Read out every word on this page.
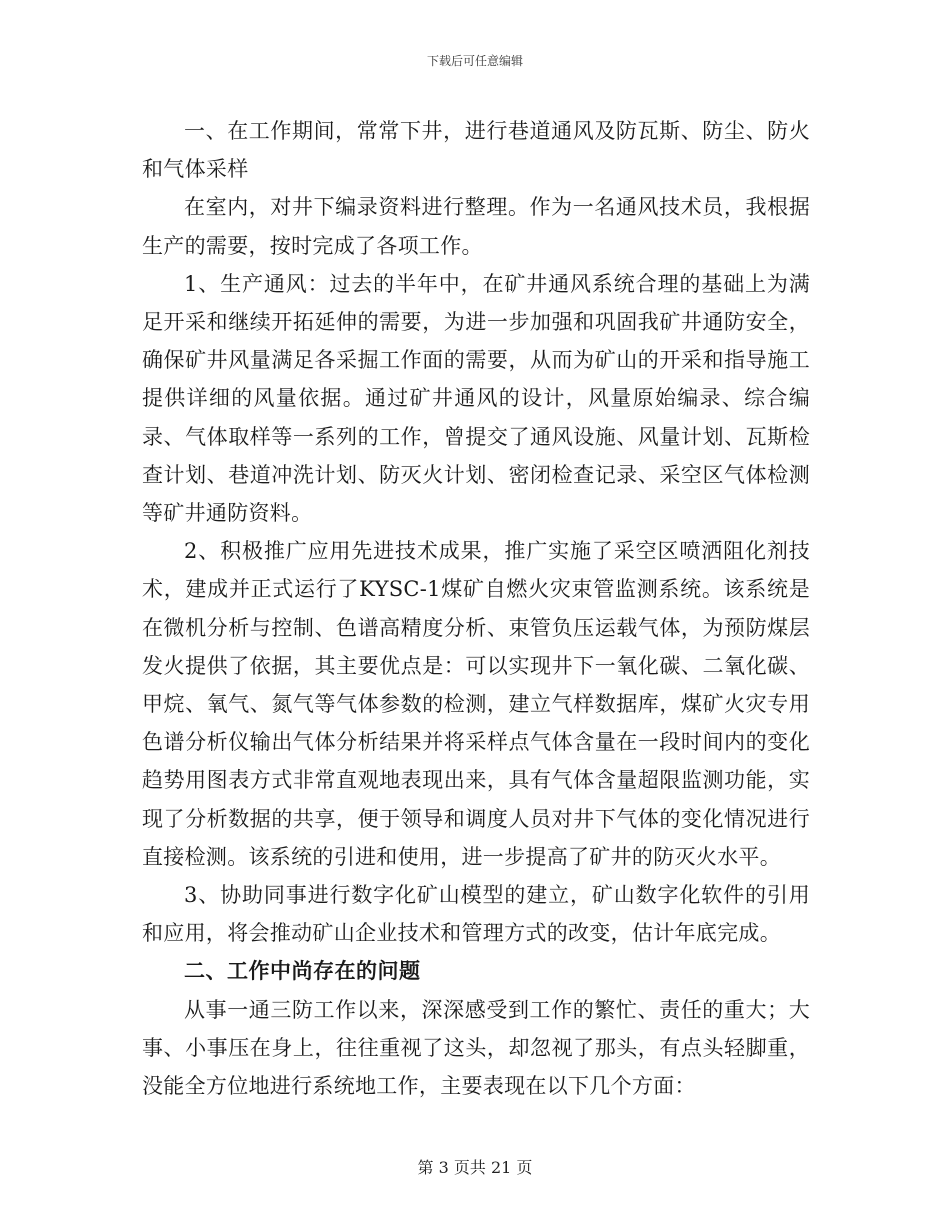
下载后可任意编辑

一、在工作期间，常常下井，进行巷道通风及防瓦斯、防尘、防火和气体采样

在室内，对井下编录资料进行整理。作为一名通风技术员，我根据生产的需要，按时完成了各项工作。

1、生产通风：过去的半年中，在矿井通风系统合理的基础上为满足开采和继续开拓延伸的需要，为进一步加强和巩固我矿井通防安全，确保矿井风量满足各采掘工作面的需要，从而为矿山的开采和指导施工提供详细的风量依据。通过矿井通风的设计，风量原始编录、综合编录、气体取样等一系列的工作，曾提交了通风设施、风量计划、瓦斯检查计划、巷道冲洗计划、防灭火计划、密闭检查记录、采空区气体检测等矿井通防资料。

2、积极推广应用先进技术成果，推广实施了采空区喷洒阻化剂技术，建成并正式运行了KYSC-1煤矿自燃火灾束管监测系统。该系统是在微机分析与控制、色谱高精度分析、束管负压运载气体，为预防煤层发火提供了依据，其主要优点是：可以实现井下一氧化碳、二氧化碳、甲烷、氧气、氮气等气体参数的检测，建立气样数据库，煤矿火灾专用色谱分析仪输出气体分析结果并将采样点气体含量在一段时间内的变化趋势用图表方式非常直观地表现出来，具有气体含量超限监测功能，实现了分析数据的共享，便于领导和调度人员对井下气体的变化情况进行直接检测。该系统的引进和使用，进一步提高了矿井的防灭火水平。

3、协助同事进行数字化矿山模型的建立，矿山数字化软件的引用和应用，将会推动矿山企业技术和管理方式的改变，估计年底完成。

二、工作中尚存在的问题

从事一通三防工作以来，深深感受到工作的繁忙、责任的重大；大事、小事压在身上，往往重视了这头，却忽视了那头，有点头轻脚重，没能全方位地进行系统地工作，主要表现在以下几个方面：

第 3 页共 21 页
